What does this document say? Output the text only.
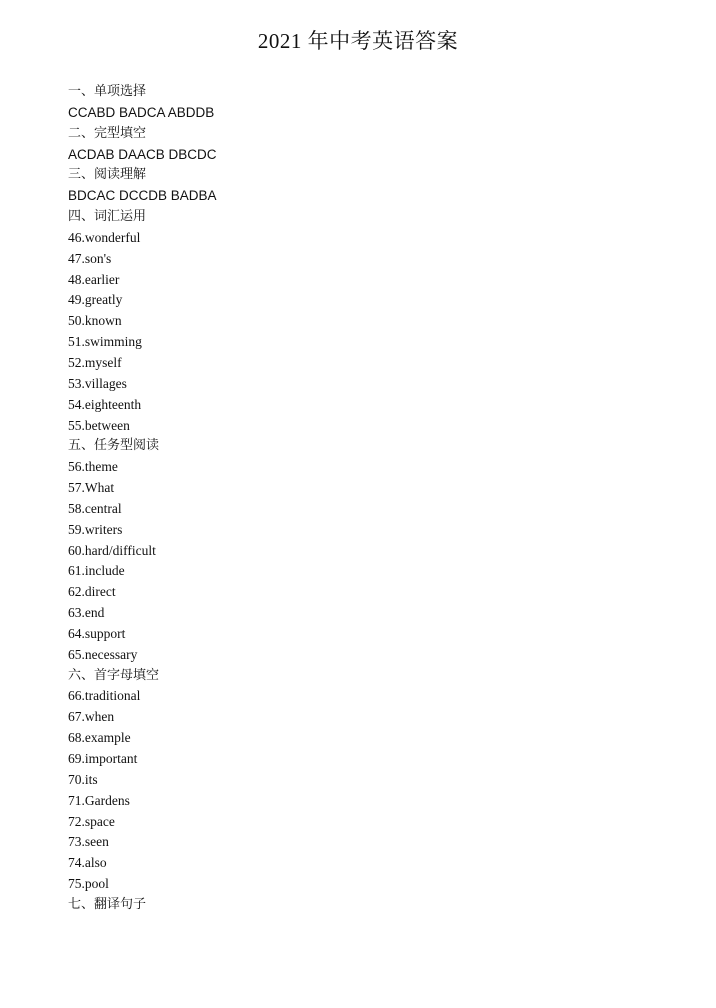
2021 年中考英语答案
一、单项选择
CCABD BADCA ABDDB
二、完型填空
ACDAB DAACB DBCDC
三、阅读理解
BDCAC DCCDB BADBA
四、词汇运用
46.wonderful
47.son's
48.earlier
49.greatly
50.known
51.swimming
52.myself
53.villages
54.eighteenth
55.between
五、任务型阅读
56.theme
57.What
58.central
59.writers
60.hard/difficult
61.include
62.direct
63.end
64.support
65.necessary
六、首字母填空
66.traditional
67.when
68.example
69.important
70.its
71.Gardens
72.space
73.seen
74.also
75.pool
七、翻译句子
